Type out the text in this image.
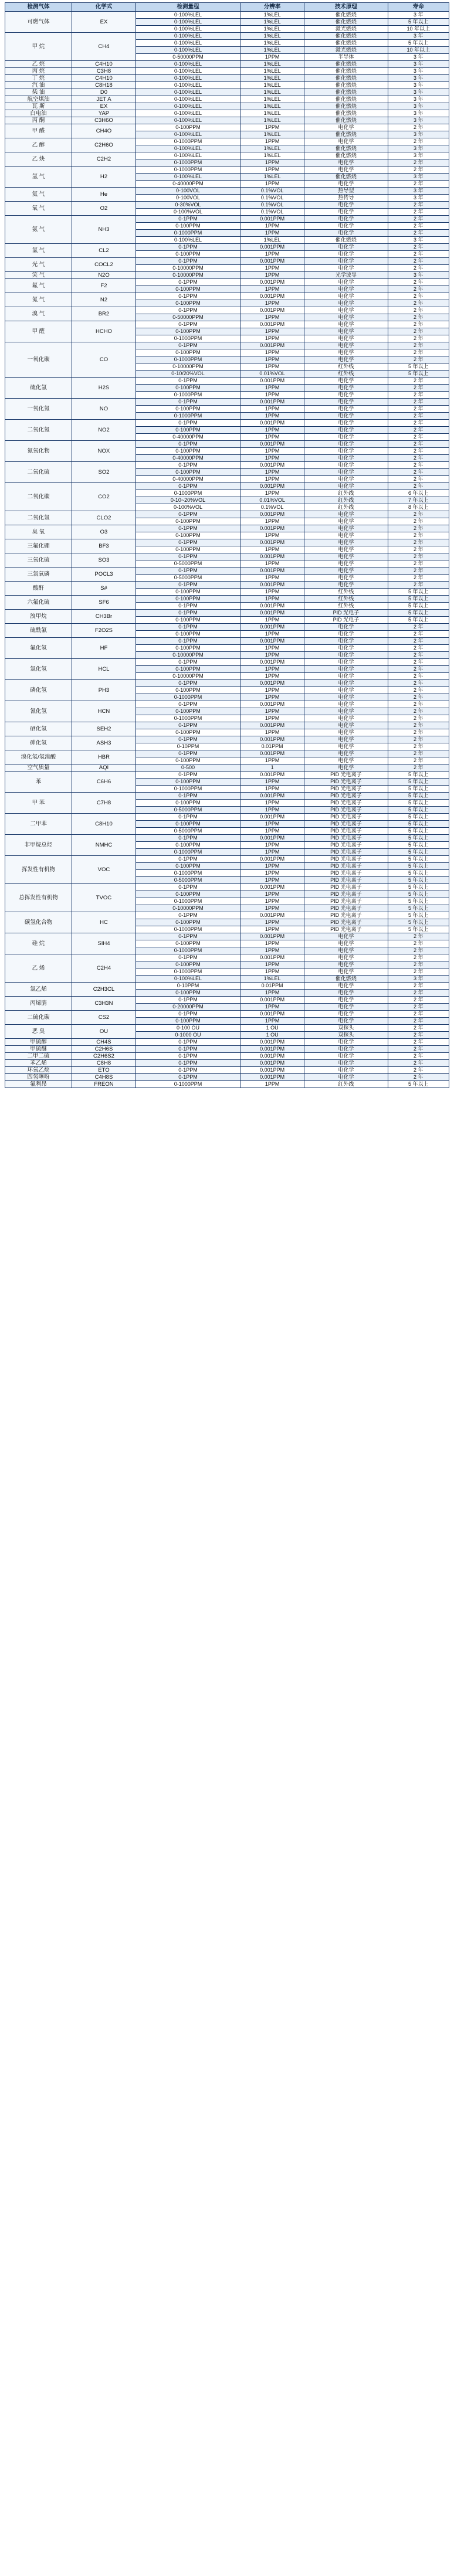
检测气体	化学式	检测量程	分辨率	技术原理	寿命
可燃气体	EX	0-100%LEL	1%LEL	催化燃烧	3 年
		0-100%LEL	1%LEL	催化燃烧	5 年以上
		0-100%LEL	1%LEL	激光燃烧	10 年以上
甲 烷	CH4	0-100%LEL	1%LEL	催化燃烧	3 年
		0-100%LEL	1%LEL	催化燃烧	5 年以上
		0-100%LEL	1%LEL	激光燃烧	10 年以上
		0-50000PPM	1PPM	半导体	3 年
乙 烷	C4H10	0-100%LEL	1%LEL	催化燃烧	3 年
丙 烷	C3H8	0-100%LEL	1%LEL	催化燃烧	3 年
丁 烷	C4H10	0-100%LEL	1%LEL	催化燃烧	3 年
汽 油	C8H18	0-100%LEL	1%LEL	催化燃烧	3 年
柴 油	D0	0-100%LEL	1%LEL	催化燃烧	3 年
航空煤油	JET A	0-100%LEL	1%LEL	催化燃烧	3 年
瓦 斯	EX	0-100%LEL	1%LEL	催化燃烧	3 年
白电油	YAP	0-100%LEL	1%LEL	催化燃烧	3 年
丙 酮	C3H6O	0-100%LEL	1%LEL	催化燃烧	3 年
甲 醛	CH4O	0-100PPM	1PPM	电化学	2 年
		0-100%LEL	1%LEL	催化燃烧	3 年
乙 醇	C2H6O	0-1000PPM	1PPM	电化学	2 年
		0-100%LEL	1%LEL	催化燃烧	3 年
乙 炔	C2H2	0-100%LEL	1%LEL	催化燃烧	3 年
		0-1000PPM	1PPM	电化学	2 年
氢 气	H2	0-1000PPM	1PPM	电化学	2 年
		0-100%LEL	1%LEL	催化燃烧	3 年
		0-40000PPM	1PPM	电化学	2 年
氦 气	He	0-100VOL	0.1%VOL	热导型	3 年
		0-100VOL	0.1%VOL	热传导	3 年
氧 气	O2	0-30%VOL	0.1%VOL	电化学	2 年
		0-100%VOL	0.1%VOL	电化学	2 年
氨 气	NH3	0-1PPM	0.001PPM	电化学	2 年
		0-100PPM	1PPM	电化学	2 年
		0-1000PPM	1PPM	电化学	2 年
		0-100%LEL	1%LEL	催化燃烧	3 年
氯 气	CL2	0-1PPM	0.001PPM	电化学	2 年
		0-100PPM	1PPM	电化学	2 年
光 气	COCL2	0-1PPM	0.001PPM	电化学	2 年
		0-10000PPM	1PPM	电化学	2 年
笑 气	N2O	0-10000PPM	1PPM	光学波导	3 年
氟 气	F2	0-1PPM	0.001PPM	电化学	2 年
		0-100PPM	1PPM	电化学	2 年
氮 气	N2	0-1PPM	0.001PPM	电化学	2 年
		0-100PPM	1PPM	电化学	2 年
溴 气	BR2	0-1PPM	0.001PPM	电化学	2 年
		0-50000PPM	1PPM	电化学	2 年
甲 醛	HCHO	0-1PPM	0.001PPM	电化学	2 年
		0-100PPM	1PPM	电化学	2 年
		0-1000PPM	1PPM	电化学	2 年
一氧化碳	CO	0-1PPM	0.001PPM	电化学	2 年
		0-100PPM	1PPM	电化学	2 年
		0-1000PPM	1PPM	电化学	2 年
		0-10000PPM	1PPM	红外线	5 年以上
		0-10/20%VOL	0.01%VOL	红外线	5 年以上
硫化氢	H2S	0-1PPM	0.001PPM	电化学	2 年
		0-100PPM	1PPM	电化学	2 年
		0-1000PPM	1PPM	电化学	2 年
一氧化氮	NO	0-1PPM	0.001PPM	电化学	2 年
		0-100PPM	1PPM	电化学	2 年
		0-1000PPM	1PPM	电化学	2 年
二氧化氮	NO2	0-1PPM	0.001PPM	电化学	2 年
		0-100PPM	1PPM	电化学	2 年
		0-40000PPM	1PPM	电化学	2 年
氮氧化物	NOX	0-1PPM	0.001PPM	电化学	2 年
		0-100PPM	1PPM	电化学	2 年
		0-40000PPM	1PPM	电化学	2 年
二氧化硫	SO2	0-1PPM	0.001PPM	电化学	2 年
		0-100PPM	1PPM	电化学	2 年
		0-40000PPM	1PPM	电化学	2 年
二氧化碳	CO2	0-1PPM	0.001PPM	电化学	2 年
		0-1000PPM	1PPM	红外线	6 年以上
		0-10~20%VOL	0.01%VOL	红外线	7 年以上
		0-100%VOL	0.1%VOL	红外线	8 年以上
二氧化氯	CLO2	0-1PPM	0.001PPM	电化学	2 年
		0-100PPM	1PPM	电化学	2 年
臭 氧	O3	0-1PPM	0.001PPM	电化学	2 年
		0-100PPM	1PPM	电化学	2 年
三氟化硼	BF3	0-1PPM	0.001PPM	电化学	2 年
		0-100PPM	1PPM	电化学	2 年
三氧化硫	SO3	0-1PPM	0.001PPM	电化学	2 年
		0-5000PPM	1PPM	电化学	2 年
三氯氧磷	POCL3	0-1PPM	0.001PPM	电化学	2 年
		0-5000PPM	1PPM	电化学	2 年
酸酐	S#	0-1PPM	0.001PPM	电化学	2 年
		0-100PPM	1PPM	红外线	5 年以上
六氟化硫	SF6	0-100PPM	1PPM	红外线	5 年以上
		0-1PPM	0.001PPM	红外线	5 年以上
溴甲烷	CH3Br	0-1PPM	0.001PPM	PID 光电子	5 年以上
		0-100PPM	1PPM	PID 光电子	5 年以上
硫酰氟	F2O2S	0-1PPM	0.001PPM	电化学	2 年
		0-100PPM	1PPM	电化学	2 年
氟化氢	HF	0-1PPM	0.001PPM	电化学	2 年
		0-100PPM	1PPM	电化学	2 年
		0-10000PPM	1PPM	电化学	2 年
氯化氢	HCL	0-1PPM	0.001PPM	电化学	2 年
		0-100PPM	1PPM	电化学	2 年
		0-10000PPM	1PPM	电化学	2 年
磷化氢	PH3	0-1PPM	0.001PPM	电化学	2 年
		0-100PPM	1PPM	电化学	2 年
		0-1000PPM	1PPM	电化学	2 年
氰化氢	HCN	0-1PPM	0.001PPM	电化学	2 年
		0-100PPM	1PPM	电化学	2 年
		0-1000PPM	1PPM	电化学	2 年
硒化氢	SEH2	0-1PPM	0.001PPM	电化学	2 年
		0-100PPM	1PPM	电化学	2 年
砷化氢	ASH3	0-1PPM	0.001PPM	电化学	2 年
		0-10PPM	0.01PPM	电化学	2 年
溴化氢/氢溴酸	HBR	0-1PPM	0.001PPM	电化学	2 年
		0-100PPM	1PPM	电化学	2 年
空气质量	AQI	0-500	1	电化学	2 年
苯	C6H6	0-1PPM	0.001PPM	PID 光电离子	5 年以上
		0-100PPM	1PPM	PID 光电离子	5 年以上
		0-1000PPM	1PPM	PID 光电离子	5 年以上
甲 苯	C7H8	0-1PPM	0.001PPM	PID 光电离子	5 年以上
		0-100PPM	1PPM	PID 光电离子	5 年以上
		0-5000PPM	1PPM	PID 光电离子	5 年以上
二甲苯	C8H10	0-1PPM	0.001PPM	PID 光电离子	5 年以上
		0-100PPM	1PPM	PID 光电离子	5 年以上
		0-5000PPM	1PPM	PID 光电离子	5 年以上
非甲烷总烃	NMHC	0-1PPM	0.001PPM	PID 光电离子	5 年以上
		0-100PPM	1PPM	PID 光电离子	5 年以上
		0-1000PPM	1PPM	PID 光电离子	5 年以上
挥发性有机物	VOC	0-1PPM	0.001PPM	PID 光电离子	5 年以上
		0-100PPM	1PPM	PID 光电离子	5 年以上
		0-1000PPM	1PPM	PID 光电离子	5 年以上
		0-5000PPM	1PPM	PID 光电离子	5 年以上
总挥发性有机物	TVOC	0-1PPM	0.001PPM	PID 光电离子	5 年以上
		0-100PPM	1PPM	PID 光电离子	5 年以上
		0-1000PPM	1PPM	PID 光电离子	5 年以上
		0-10000PPM	1PPM	PID 光电离子	5 年以上
碳氢化合物	HC	0-1PPM	0.001PPM	PID 光电离子	5 年以上
		0-100PPM	1PPM	PID 光电离子	5 年以上
		0-1000PPM	1PPM	PID 光电离子	5 年以上
硅 烷	SIH4	0-1PPM	0.001PPM	电化学	2 年
		0-100PPM	1PPM	电化学	2 年
		0-1000PPM	1PPM	电化学	2 年
乙 烯	C2H4	0-1PPM	0.001PPM	电化学	2 年
		0-100PPM	1PPM	电化学	2 年
		0-1000PPM	1PPM	电化学	2 年
		0-100%LEL	1%LEL	催化燃烧	3 年
氯乙烯	C2H3CL	0-10PPM	0.01PPM	电化学	2 年
		0-100PPM	1PPM	电化学	2 年
丙烯腈	C3H3N	0-1PPM	0.001PPM	电化学	2 年
		0-20000PPM	1PPM	电化学	2 年
二硫化碳	CS2	0-1PPM	0.001PPM	电化学	2 年
		0-100PPM	1PPM	电化学	2 年
恶 臭	OU	0-100 OU	1 OU	双探头	2 年
		0-1000 OU	1 OU	双探头	2 年
甲硫醇	CH4S	0-1PPM	0.001PPM	电化学	2 年
甲硫醚	C2H6S	0-1PPM	0.001PPM	电化学	2 年
二甲二硫	C2H6S2	0-1PPM	0.001PPM	电化学	2 年
苯乙烯	C8H8	0-1PPM	0.001PPM	电化学	2 年
环氧乙烷	ETO	0-1PPM	0.001PPM	电化学	2 年
四氢噻吩	C4H8S	0-1PPM	0.001PPM	电化学	2 年
氟利昂	FREON	0-1000PPM	1PPM	红外线	5 年以上
